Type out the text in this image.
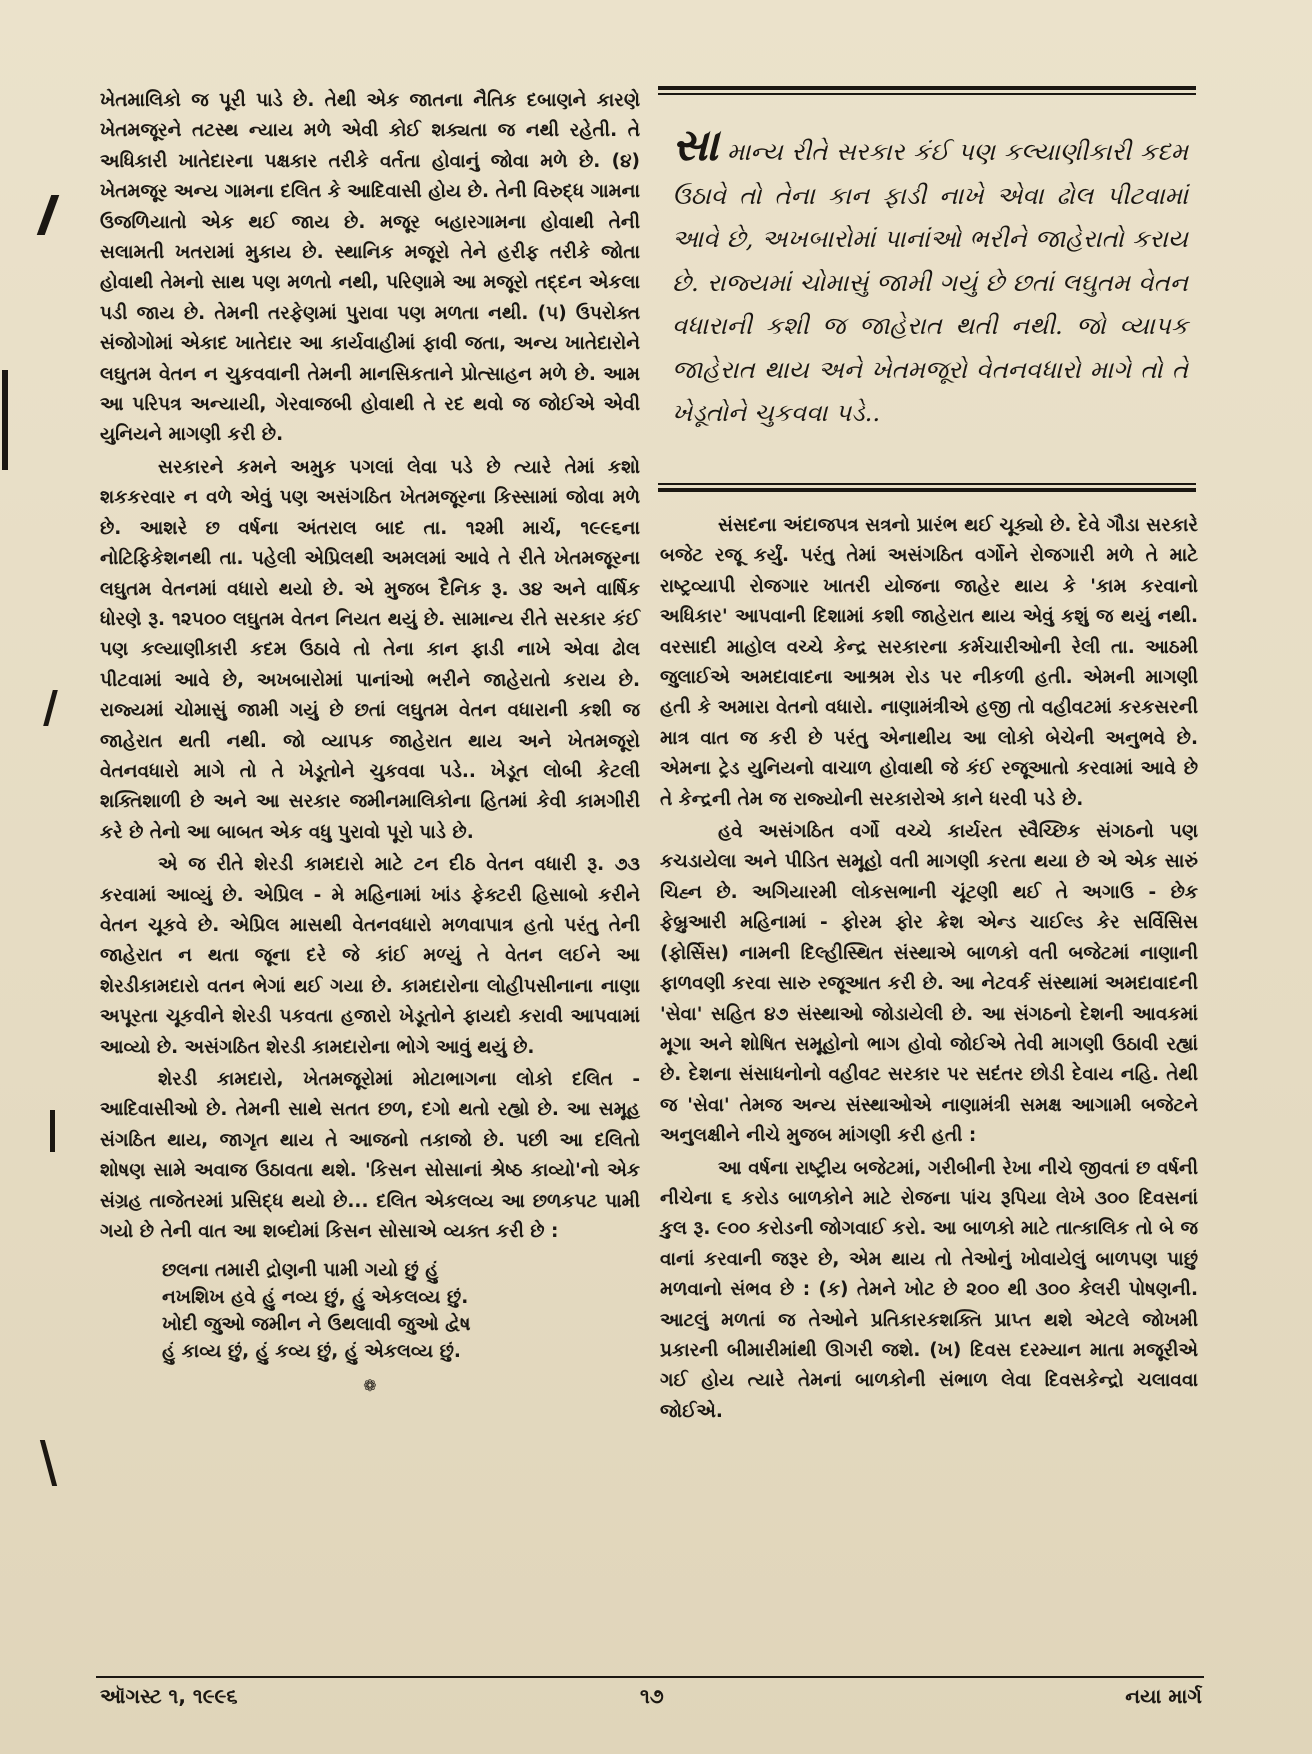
ખેતમાલિકો જ પૂરી પાડે છે. તેથી એક જાતના નૈતિક દબાણને કારણે ખેતમજૂરને તટસ્થ ન્યાય મળે એવી કોઈ શક્યતા જ નથી રહેતી. તે અધિકારી ખાતેદારના પક્ષકાર તરીકે વર્તતા હોવાનું જોવા મળે છે. (૪) ખેતમજૂર અન્ય ગામના દલિત કે આદિવાસી હોય છે. તેની વિરુદ્ધ ગામના ઉજળિયાતો એક થઈ જાય છે. મજૂર બહારગામના હોવાથી તેની સલામતી ખતરામાં મુકાય છે. સ્થાનિક મજૂરો તેને હરીફ તરીકે જોતા હોવાથી તેમનો સાથ પણ મળતો નથી, પરિણામે આ મજૂરો તદ્દન એકલા પડી જાય છે. તેમની તરફેણમાં પુરાવા પણ મળતા નથી. (૫) ઉપરોક્ત સંજોગોમાં એકાદ ખાતેદાર આ કાર્યવાહીમાં ફાવી જતા, અન્ય ખાતેદારોને લઘુતમ વેતન ન ચુકવવાની તેમની માનસિકતાને પ્રોત્સાહન મળે છે. આમ આ પરિપત્ર અન્યાયી, ગેરવાજબી હોવાથી તે રદ થવો જ જોઈએ એવી યુનિયને માગણી કરી છે.

સરકારને કમને અમુક પગલાં લેવા પડે છે ત્યારે તેમાં કશો શકકરવાર ન વળે એવું પણ અસંગઠિત ખેતમજૂરના કિસ્સામાં જોવા મળે છે. આશરે છ વર્ષના અંતરાલ બાદ તા. ૧૨મી માર્ચ, ૧૯૯૬ના નોટિફિકેશનથી તા. પહેલી એપ્રિલથી અમલમાં આવે તે રીતે ખેતમજૂરના લઘુતમ વેતનમાં વધારો થયો છે. એ મુજબ દૈનિક રૂ. ૩૪ અને વાર્ષિક ધોરણે રૂ. ૧૨૫૦૦ લઘુતમ વેતન નિયત થયું છે. સામાન્ય રીતે સરકાર કંઈ પણ કલ્યાણીકારી કદમ ઉઠાવે તો તેના કાન ફાડી નાખે એવા ઢોલ પીટવામાં આવે છે, અખબારોમાં પાનાંઓ ભરીને જાહેરાતો કરાય છે. રાજ્યમાં ચોમાસું જામી ગયું છે છતાં લઘુતમ વેતન વધારાની કશી જ જાહેરાત થતી નથી. જો વ્યાપક જાહેરાત થાય અને ખેતમજૂરો વેતનવધારો માગે તો તે ખેડૂતોને ચુકવવા પડે.. ખેડૂત લોબી કેટલી શક્તિશાળી છે અને આ સરકાર જમીનમાલિકોના હિતમાં કેવી કામગીરી કરે છે તેનો આ બાબત એક વધુ પુરાવો પૂરો પાડે છે.

એ જ રીતે શેરડી કામદારો માટે ટન દીઠ વેતન વધારી રૂ. ૭૩ કરવામાં આવ્યું છે. એપ્રિલ - મે મહિનામાં ખાંડ ફેક્ટરી હિસાબો કરીને વેતન ચૂકવે છે. એપ્રિલ માસથી વેતનવધારો મળવાપાત્ર હતો પરંતુ તેની જાહેરાત ન થતા જૂના દરે જે કાંઈ મળ્યું તે વેતન લઈને આ શેરડીકામદારો વતન ભેગાં થઈ ગયા છે. કામદારોના લોહીપસીનાના નાણા અપૂરતા ચૂકવીને શેરડી પકવતા હજારો ખેડૂતોને ફાયદો કરાવી આપવામાં આવ્યો છે. અસંગઠિત શેરડી કામદારોના ભોગે આવું થયું છે.

શેરડી કામદારો, ખેતમજૂરોમાં મોટાભાગના લોકો દલિત - આદિવાસીઓ છે. તેમની સાથે સતત છળ, દગો થતો રહ્યો છે. આ સમૂહ સંગઠિત થાય, જાગૃત થાય તે આજનો તકાજો છે. પછી આ દલિતો શોષણ સામે અવાજ ઉઠાવતા થશે. 'કિસન સોસાનાં શ્રેષ્ઠ કાવ્યો'નો એક સંગ્રહ તાજેતરમાં પ્રસિદ્ધ થયો છે... દલિત એકલવ્ય આ છળકપટ પામી ગયો છે તેની વાત આ શબ્દોમાં કિસન સોસાએ વ્યક્ત કરી છે :

છલના તમારી દ્રોણની પામી ગયો છું હું
નખશિખ હવે હું નવ્ય છું, હું એકલવ્ય છું.
ખોદી જુઓ જમીન ને ઉથલાવી જુઓ દ્વેષ
હું કાવ્ય છું, હું કવ્ય છું, હું એકલવ્ય છું.
❁
સા માન્ય રીતે સરકાર કંઈ પણ કલ્યાણીકારી કદમ ઉઠાવે તો તેના કાન ફાડી નાખે એવા ઢોલ પીટવામાં આવે છે, અખબારોમાં પાનાંઓ ભરીને જાહેરાતો કરાય છે. રાજ્યમાં ચોમાસું જામી ગયું છે છતાં લઘુતમ વેતન વધારાની કશી જ જાહેરાત થતી નથી. જો વ્યાપક જાહેરાત થાય અને ખેતમજૂરો વેતનવધારો માગે તો તે ખેડૂતોને ચુકવવા પડે..

સંસદના અંદાજપત્ર સત્રનો પ્રારંભ થઈ ચૂક્યો છે. દેવે ગૌડા સરકારે બજેટ રજૂ કર્યું. પરંતુ તેમાં અસંગઠિત વર્ગોને રોજગારી મળે તે માટે રાષ્ટ્રવ્યાપી રોજગાર ખાતરી યોજના જાહેર થાય કે 'કામ કરવાનો અધિકાર' આપવાની દિશામાં કશી જાહેરાત થાય એવું કશું જ થયું નથી. વરસાદી માહોલ વચ્ચે કેન્દ્ર સરકારના કર્મચારીઓની રેલી તા. આઠમી જુલાઈએ અમદાવાદના આશ્રમ રોડ પર નીકળી હતી. એમની માગણી હતી કે અમારા વેતનો વધારો. નાણામંત્રીએ હજી તો વહીવટમાં કરકસરની માત્ર વાત જ કરી છે પરંતુ એનાથીય આ લોકો બેચેની અનુભવે છે. એમના ટ્રેડ યુનિયનો વાચાળ હોવાથી જે કંઈ રજૂઆતો કરવામાં આવે છે તે કેન્દ્રની તેમ જ રાજ્યોની સરકારોએ કાને ધરવી પડે છે.

હવે અસંગઠિત વર્ગો વચ્ચે કાર્યરત સ્વૈચ્છિક સંગઠનો પણ કચડાયેલા અને પીડિત સમૂહો વતી માગણી કરતા થયા છે એ એક સારું ચિહ્ન છે. અગિયારમી લોકસભાની ચૂંટણી થઈ તે અગાઉ - છેક ફેબ્રુઆરી મહિનામાં - ફોરમ ફોર ક્રેશ એન્ડ ચાઈલ્ડ કેર સર્વિસિસ (ફોર્સિસ) નામની દિલ્હીસ્થિત સંસ્થાએ બાળકો વતી બજેટમાં નાણાની ફાળવણી કરવા સારુ રજૂઆત કરી છે. આ નેટવર્ક સંસ્થામાં અમદાવાદની 'સેવા' સહિત ૪૭ સંસ્થાઓ જોડાયેલી છે. આ સંગઠનો દેશની આવકમાં મૂગા અને શોષિત સમૂહોનો ભાગ હોવો જોઈએ તેવી માગણી ઉઠાવી રહ્યાં છે. દેશના સંસાધનોનો વહીવટ સરકાર પર સદંતર છોડી દેવાય નહિ. તેથી જ 'સેવા' તેમજ અન્ય સંસ્થાઓએ નાણામંત્રી સમક્ષ આગામી બજેટને અનુલક્ષીને નીચે મુજબ માંગણી કરી હતી :

આ વર્ષના રાષ્ટ્રીય બજેટમાં, ગરીબીની રેખા નીચે જીવતાં છ વર્ષની નીચેના ૬ કરોડ બાળકોને માટે રોજના પાંચ રૂપિયા લેખે ૩૦૦ દિવસનાં કુલ રૂ. ૯૦૦ કરોડની જોગવાઈ કરો. આ બાળકો માટે તાત્કાલિક તો બે જ વાનાં કરવાની જરૂર છે, એમ થાય તો તેઓનું ખોવાયેલું બાળપણ પાછું મળવાનો સંભવ છે : (ક) તેમને ખોટ છે ૨૦૦ થી ૩૦૦ કેલરી પોષણની. આટલું મળતાં જ તેઓને પ્રતિકારકશક્તિ પ્રાપ્ત થશે એટલે જોખમી પ્રકારની બીમારીમાંથી ઊગરી જશે. (ખ) દિવસ દરમ્યાન માતા મજૂરીએ ગઈ હોય ત્યારે તેમનાં બાળકોની સંભાળ લેવા દિવસકેન્દ્રો ચલાવવા જોઈએ.

ઑગસ્ટ ૧, ૧૯૯૬	૧૭	નયા માર્ગ
